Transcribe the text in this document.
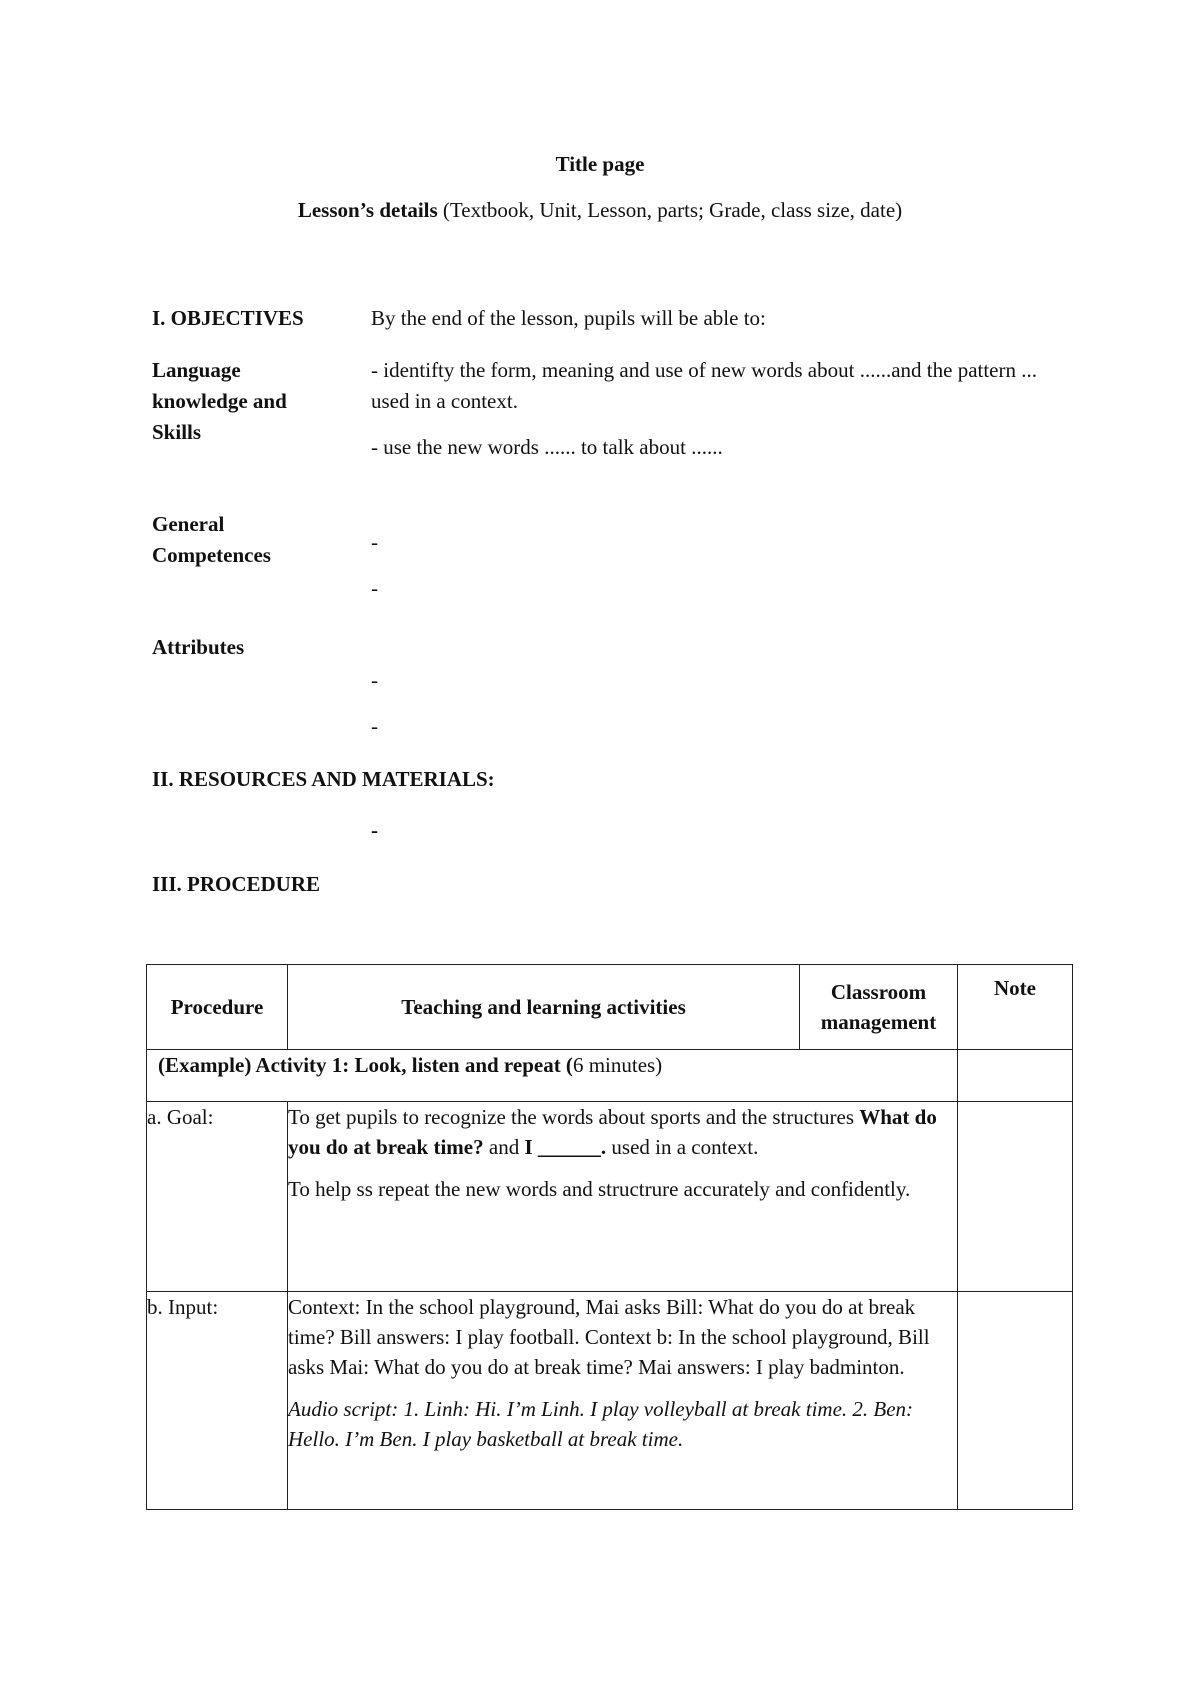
Title page
Lesson’s details (Textbook, Unit, Lesson, parts; Grade, class size, date)
I. OBJECTIVES	By the end of the lesson, pupils will be able to:
Language knowledge and Skills
- identifty the form, meaning and use of new words about ......and the pattern ... used in a context.
- use the new words ...... to talk about ......
General Competences
-
-
Attributes
-
-
II. RESOURCES AND MATERIALS:
-
III. PROCEDURE
Procedure	Teaching and learning activities	Classroom management	Note
(Example) Activity 1: Look, listen and repeat (6 minutes)			
a. Goal:	To get pupils to recognize the words about sports and the structures What do you do at break time? and I ______. used in a context.
To help ss repeat the new words and structrure accurately and confidently.		

b. Input:	Context: In the school playground, Mai asks Bill: What do you do at break time? Bill answers: I play football. Context b: In the school playground, Bill asks Mai: What do you do at break time? Mai answers: I play badminton.
Audio script: 1. Linh: Hi. I’m Linh. I play volleyball at break time. 2. Ben: Hello. I’m Ben. I play basketball at break time.		
